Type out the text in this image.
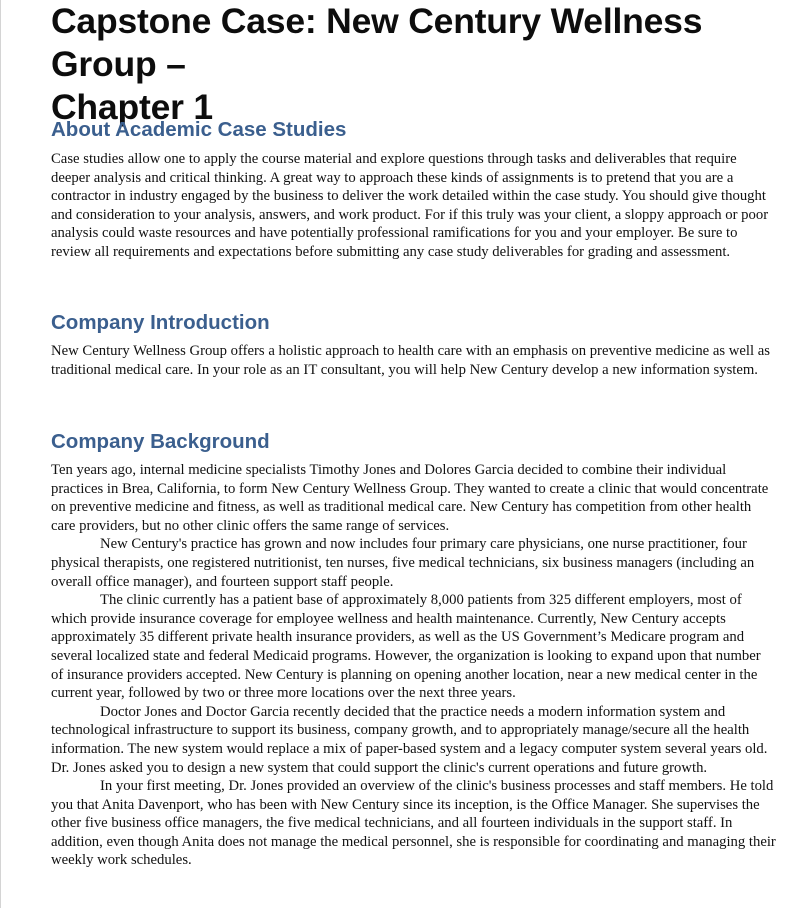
Capstone Case: New Century Wellness Group –
Chapter 1
About Academic Case Studies

Case studies allow one to apply the course material and explore questions through tasks and deliverables that require deeper analysis and critical thinking. A great way to approach these kinds of assignments is to pretend that you are a contractor in industry engaged by the business to deliver the work detailed within the case study. You should give thought and consideration to your analysis, answers, and work product. For if this truly was your client, a sloppy approach or poor analysis could waste resources and have potentially professional ramifications for you and your employer. Be sure to review all requirements and expectations before submitting any case study deliverables for grading and assessment.

Company Introduction

New Century Wellness Group offers a holistic approach to health care with an emphasis on preventive medicine as well as traditional medical care. In your role as an IT consultant, you will help New Century develop a new information system.

Company Background

Ten years ago, internal medicine specialists Timothy Jones and Dolores Garcia decided to combine their individual practices in Brea, California, to form New Century Wellness Group. They wanted to create a clinic that would concentrate on preventive medicine and fitness, as well as traditional medical care. New Century has competition from other health care providers, but no other clinic offers the same range of services.

New Century's practice has grown and now includes four primary care physicians, one nurse practitioner, four physical therapists, one registered nutritionist, ten nurses, five medical technicians, six business managers (including an overall office manager), and fourteen support staff people.

The clinic currently has a patient base of approximately 8,000 patients from 325 different employers, most of which provide insurance coverage for employee wellness and health maintenance. Currently, New Century accepts approximately 35 different private health insurance providers, as well as the US Government’s Medicare program and several localized state and federal Medicaid programs. However, the organization is looking to expand upon that number of insurance providers accepted. New Century is planning on opening another location, near a new medical center in the current year, followed by two or three more locations over the next three years.

Doctor Jones and Doctor Garcia recently decided that the practice needs a modern information system and technological infrastructure to support its business, company growth, and to appropriately manage/secure all the health information. The new system would replace a mix of paper-based system and a legacy computer system several years old. Dr. Jones asked you to design a new system that could support the clinic's current operations and future growth.

In your first meeting, Dr. Jones provided an overview of the clinic's business processes and staff members. He told you that Anita Davenport, who has been with New Century since its inception, is the Office Manager. She supervises the other five business office managers, the five medical technicians, and all fourteen individuals in the support staff. In addition, even though Anita does not manage the medical personnel, she is responsible for coordinating and managing their weekly work schedules.
